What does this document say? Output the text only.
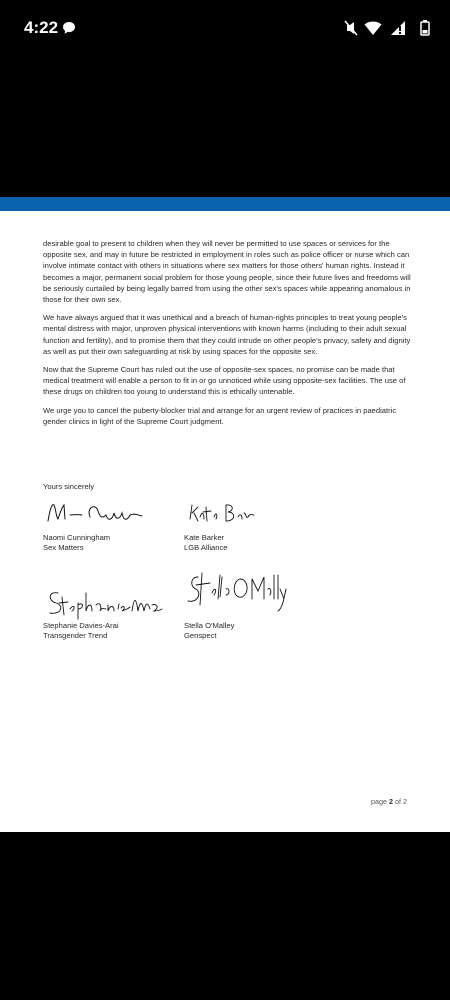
4:22

desirable goal to present to children when they will never be permitted to use spaces or services for the opposite sex, and may in future be restricted in employment in roles such as police officer or nurse which can involve intimate contact with others in situations where sex matters for those others' human rights. Instead it becomes a major, permanent social problem for those young people, since their future lives and freedoms will be seriously curtailed by being legally barred from using the other sex's spaces while appearing anomalous in those for their own sex.

We have always argued that it was unethical and a breach of human-rights principles to treat young people's mental distress with major, unproven physical interventions with known harms (including to their adult sexual function and fertility), and to promise them that they could intrude on other people's privacy, safety and dignity as well as put their own safeguarding at risk by using spaces for the opposite sex.

Now that the Supreme Court has ruled out the use of opposite-sex spaces, no promise can be made that medical treatment will enable a person to fit in or go unnoticed while using opposite-sex facilities. The use of these drugs on children too young to understand this is ethically untenable.

We urge you to cancel the puberty-blocker trial and arrange for an urgent review of practices in paediatric gender clinics in light of the Supreme Court judgment.

Yours sincerely
Naomi Cunningham
Sex Matters
Kate Barker
LGB Alliance
Stephanie Davies-Arai
Transgender Trend
Stella O'Malley
Genspect
page 2 of 2
